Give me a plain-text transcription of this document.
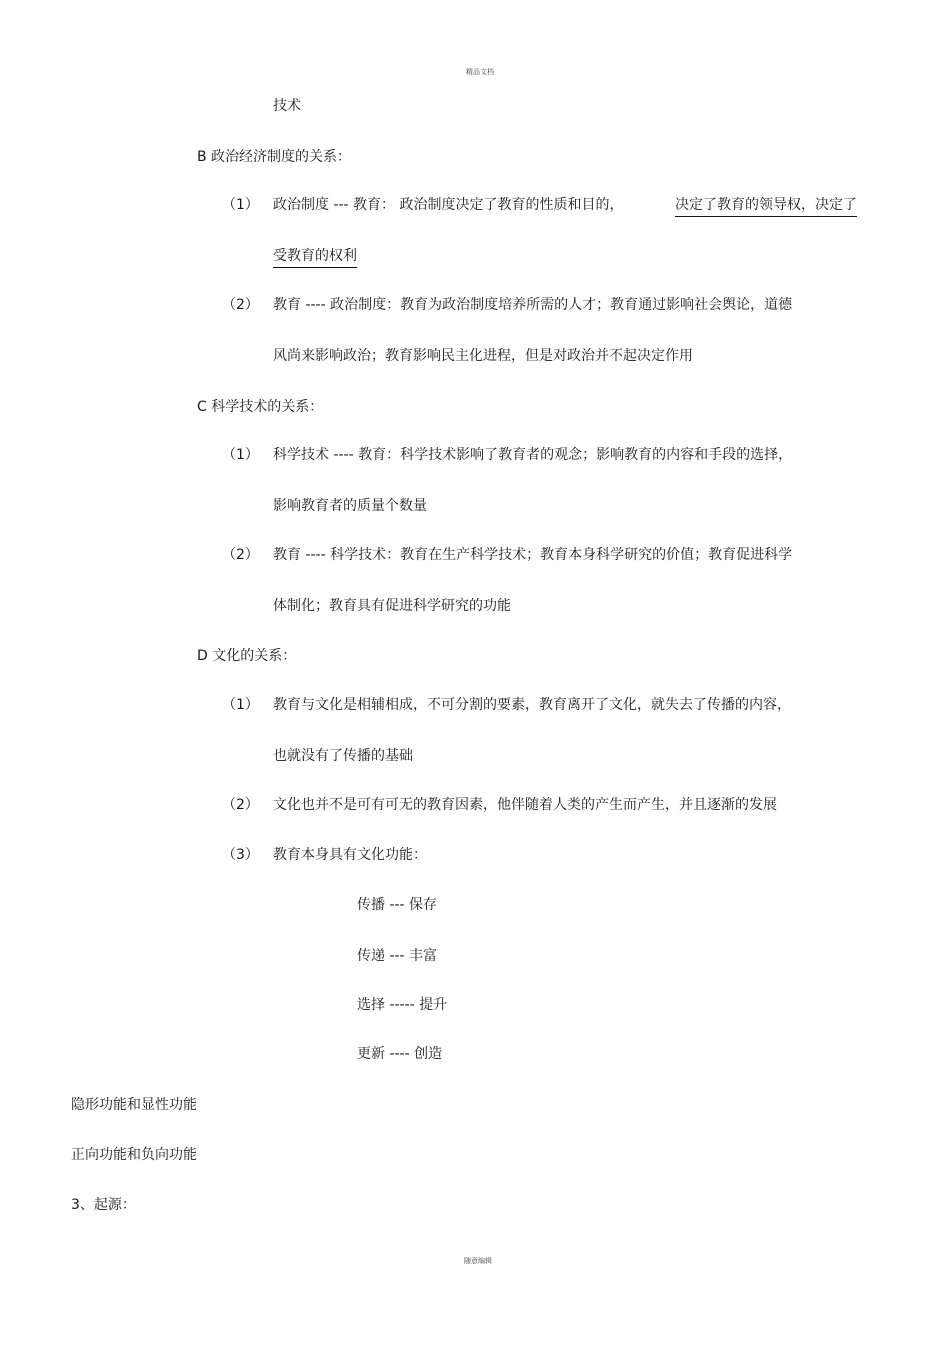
精品文档
技术
B 政治经济制度的关系：
（1） 政治制度 --- 教育： 政治制度决定了教育的性质和目的，	决定了教育的领导权，决定了
受教育的权利
（2） 教育 ---- 政治制度：教育为政治制度培养所需的人才；教育通过影响社会舆论，道德
风尚来影响政治；教育影响民主化进程，但是对政治并不起决定作用
C 科学技术的关系：
（1） 科学技术 ---- 教育：科学技术影响了教育者的观念；影响教育的内容和手段的选择，
影响教育者的质量个数量
（2） 教育 ---- 科学技术：教育在生产科学技术；教育本身科学研究的价值；教育促进科学
体制化；教育具有促进科学研究的功能
D 文化的关系：
（1） 教育与文化是相辅相成，不可分割的要素，教育离开了文化，就失去了传播的内容，
也就没有了传播的基础
（2） 文化也并不是可有可无的教育因素，他伴随着人类的产生而产生，并且逐渐的发展
（3） 教育本身具有文化功能：
传播 --- 保存
传递 --- 丰富
选择 ----- 提升
更新 ---- 创造
隐形功能和显性功能
正向功能和负向功能
3、起源：
随意编辑
